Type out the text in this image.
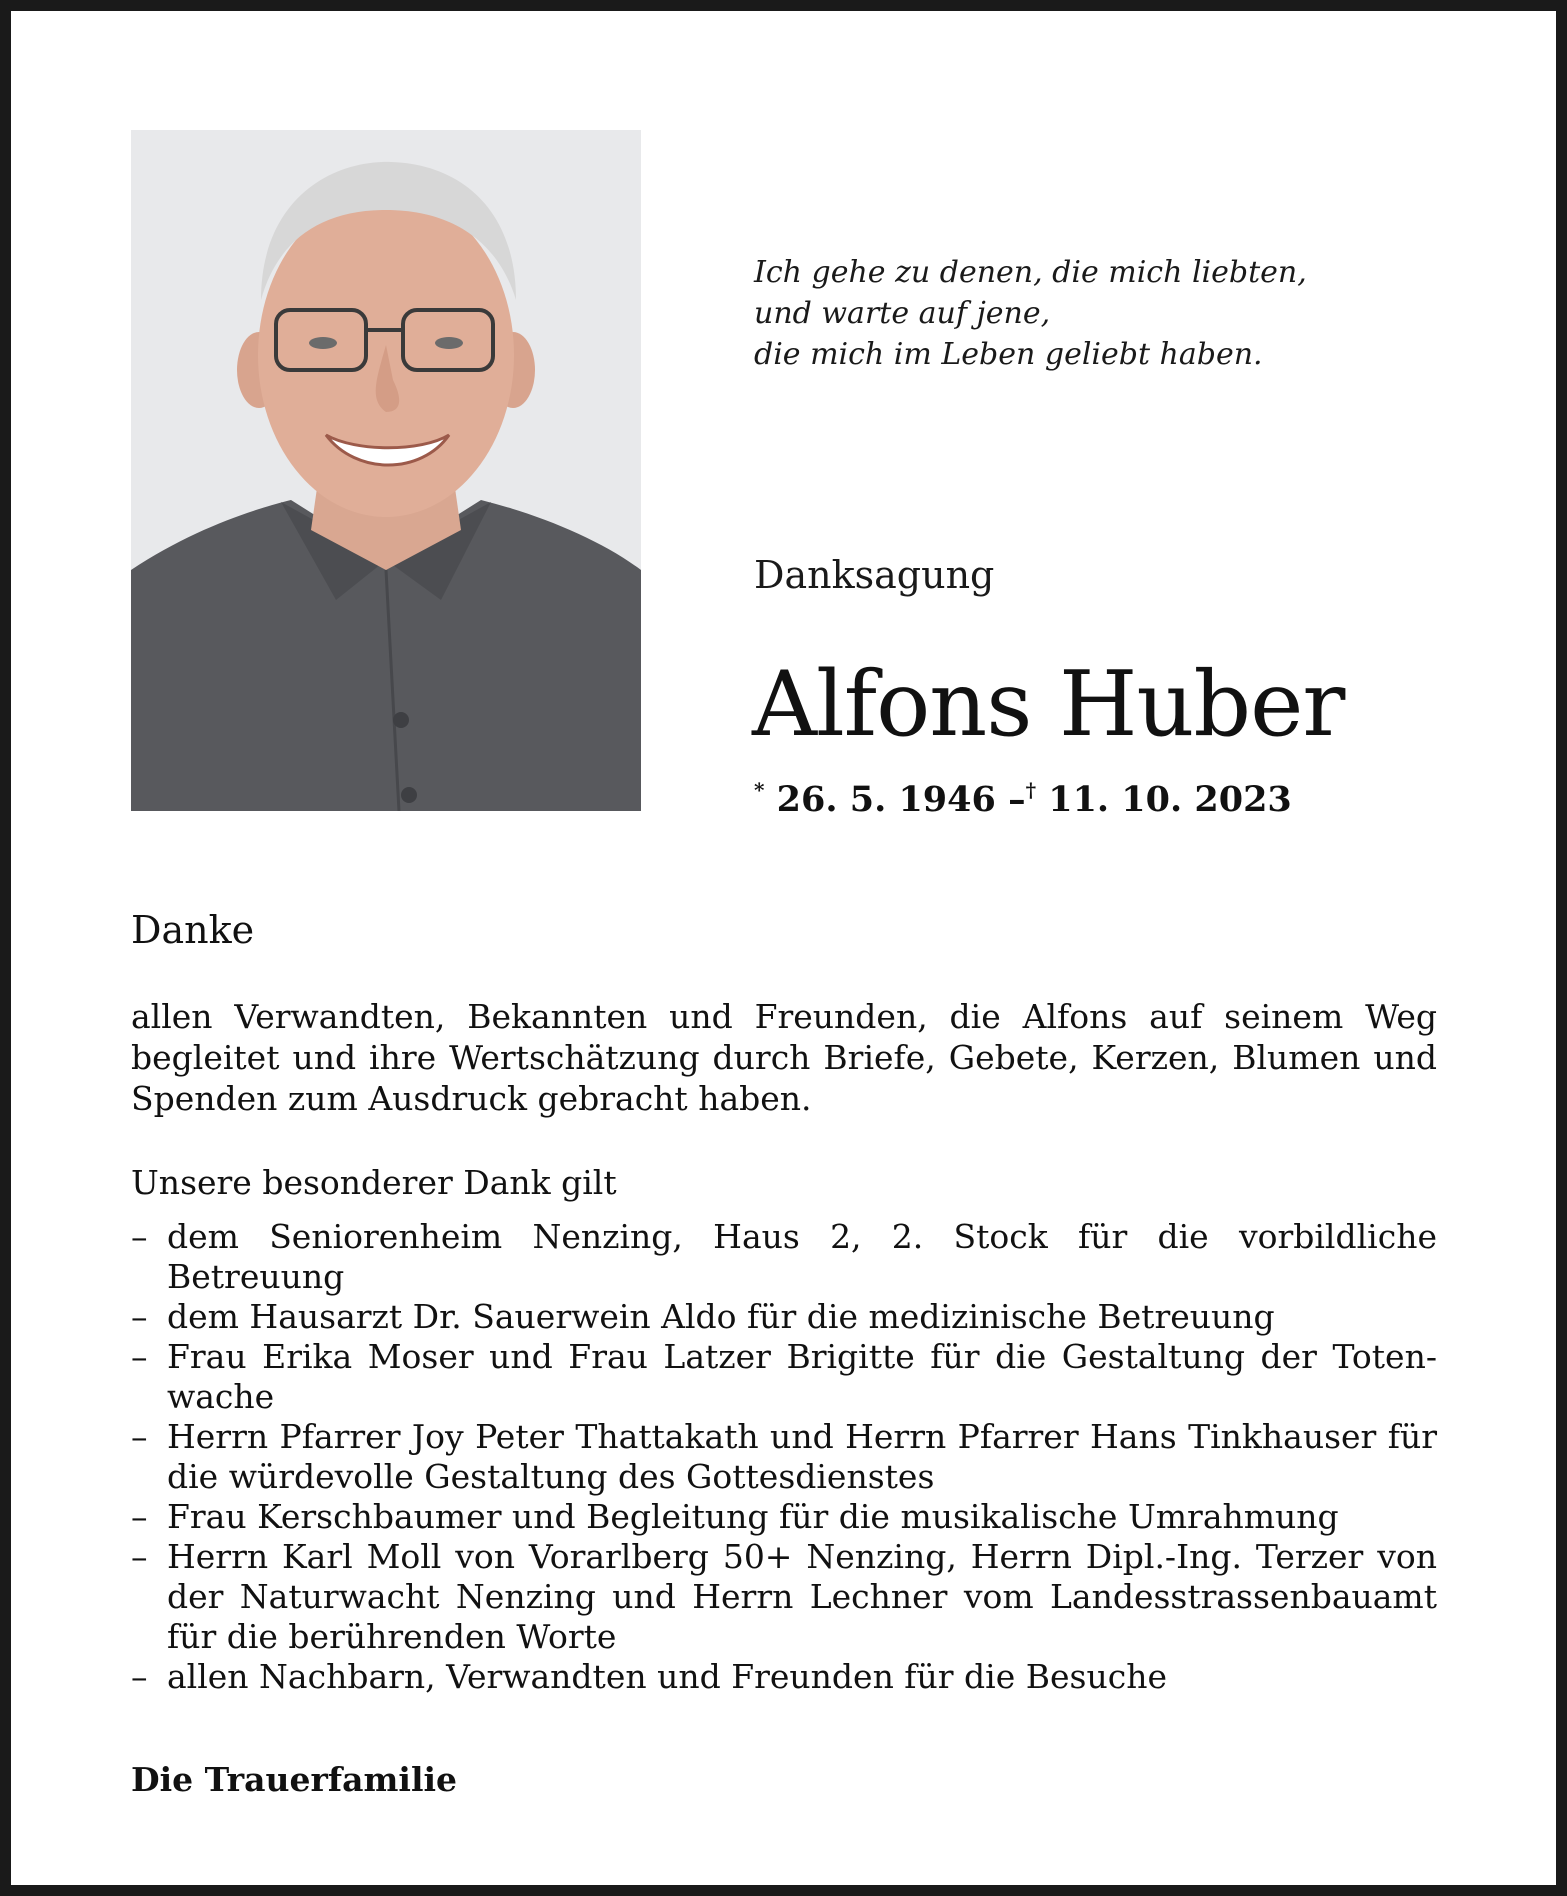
Ich gehe zu denen, die mich liebten,
und warte auf jene,
die mich im Leben geliebt haben.
Danksagung
Alfons Huber
* 26. 5. 1946 –† 11. 10. 2023
Danke
allen Verwandten, Bekannten und Freunden, die Alfons auf seinem Weg begleitet und ihre Wertschätzung durch Briefe, Gebete, Kerzen, Blumen und Spenden zum Ausdruck gebracht haben.
Unsere besonderer Dank gilt
– dem Seniorenheim Nenzing, Haus 2, 2. Stock für die vorbildliche Betreuung
– dem Hausarzt Dr. Sauerwein Aldo für die medizinische Betreuung
– Frau Erika Moser und Frau Latzer Brigitte für die Gestaltung der Totenwache
– Herrn Pfarrer Joy Peter Thattakath und Herrn Pfarrer Hans Tinkhauser für die würdevolle Gestaltung des Gottesdienstes
– Frau Kerschbaumer und Begleitung für die musikalische Umrahmung
– Herrn Karl Moll von Vorarlberg 50+ Nenzing, Herrn Dipl.-Ing. Terzer von der Naturwacht Nenzing und Herrn Lechner vom Landesstrassenbauamt für die berührenden Worte
– allen Nachbarn, Verwandten und Freunden für die Besuche
Die Trauerfamilie
